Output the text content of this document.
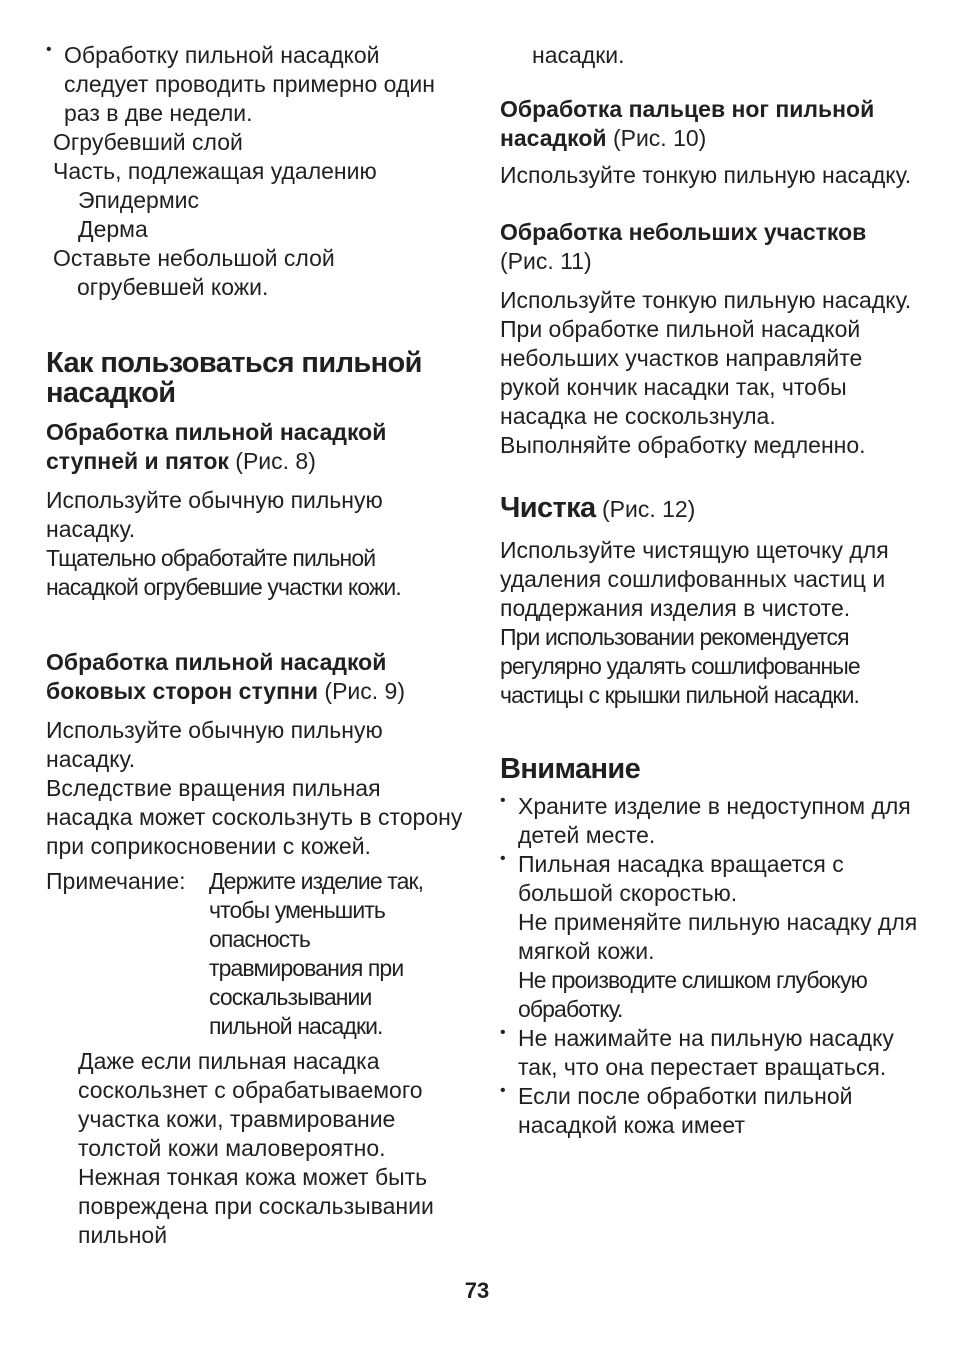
• Обработку пильной насадкой следует проводить примерно один раз в две недели.

Огрубевший слой

Часть, подлежащая удалению

Эпидермис

Дерма

Оставьте небольшой слой

огрубевшей кожи.

Как пользоваться пильной насадкой

Обработка пильной насадкой ступней и пяток (Рис. 8)

Используйте обычную пильную насадку.

Тщательно обработайте пильной насадкой огрубевшие участки кожи.

Обработка пильной насадкой боковых сторон ступни (Рис. 9)

Используйте обычную пильную насадку.

Вследствие вращения пильная насадка может соскользнуть в сторону при соприкосновении с кожей.

Примечание:	Держите изделие так, чтобы уменьшить опасность травмирования при соскальзывании пильной насадки.

Даже если пильная насадка соскользнет с обрабатываемого участка кожи, травмирование толстой кожи маловероятно. Нежная тонкая кожа может быть повреждена при соскальзывании пильной

насадки.

Обработка пальцев ног пильной насадкой (Рис. 10)

Используйте тонкую пильную насадку.

Обработка небольших участков (Рис. 11)

Используйте тонкую пильную насадку.

При обработке пильной насадкой небольших участков направляйте рукой кончик насадки так, чтобы насадка не соскользнула.

Выполняйте обработку медленно.

Чистка (Рис. 12)

Используйте чистящую щеточку для удаления сошлифованных частиц и поддержания изделия в чистоте.

При использовании рекомендуется регулярно удалять сошлифованные частицы с крышки пильной насадки.

Внимание

• Храните изделие в недоступном для детей месте.

• Пильная насадка вращается с большой скоростью.

Не применяйте пильную насадку для мягкой кожи.

Не производите слишком глубокую обработку.

• Не нажимайте на пильную насадку так, что она перестает вращаться.

• Если после обработки пильной насадкой кожа имеет

73
